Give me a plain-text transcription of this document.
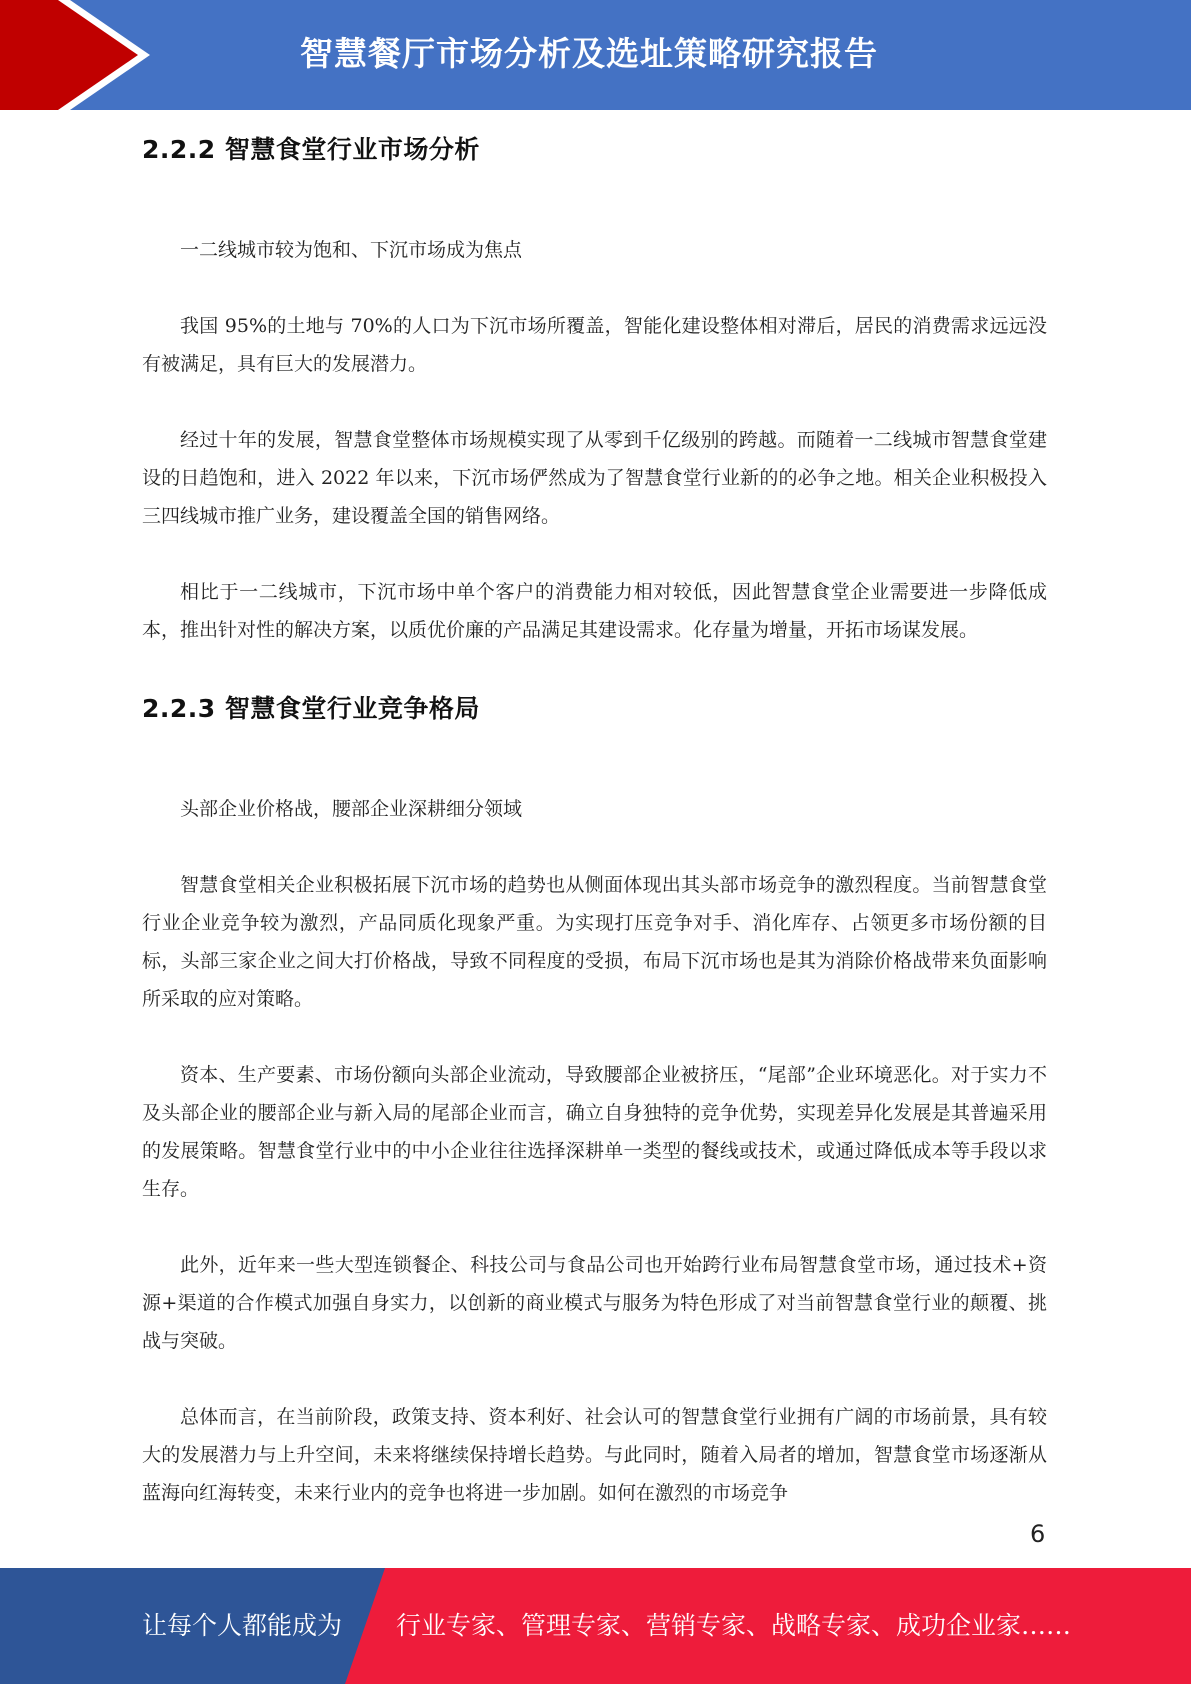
智慧餐厅市场分析及选址策略研究报告
2.2.2 智慧食堂行业市场分析

一二线城市较为饱和、下沉市场成为焦点

我国 95%的土地与 70%的人口为下沉市场所覆盖，智能化建设整体相对滞后，居民的消费需求远远没有被满足，具有巨大的发展潜力。

经过十年的发展，智慧食堂整体市场规模实现了从零到千亿级别的跨越。而随着一二线城市智慧食堂建设的日趋饱和，进入 2022 年以来，下沉市场俨然成为了智慧食堂行业新的的必争之地。相关企业积极投入三四线城市推广业务，建设覆盖全国的销售网络。

相比于一二线城市，下沉市场中单个客户的消费能力相对较低，因此智慧食堂企业需要进一步降低成本，推出针对性的解决方案，以质优价廉的产品满足其建设需求。化存量为增量，开拓市场谋发展。

2.2.3 智慧食堂行业竞争格局

头部企业价格战，腰部企业深耕细分领域

智慧食堂相关企业积极拓展下沉市场的趋势也从侧面体现出其头部市场竞争的激烈程度。当前智慧食堂行业企业竞争较为激烈，产品同质化现象严重。为实现打压竞争对手、消化库存、占领更多市场份额的目标，头部三家企业之间大打价格战，导致不同程度的受损，布局下沉市场也是其为消除价格战带来负面影响所采取的应对策略。

资本、生产要素、市场份额向头部企业流动，导致腰部企业被挤压，“尾部”企业环境恶化。对于实力不及头部企业的腰部企业与新入局的尾部企业而言，确立自身独特的竞争优势，实现差异化发展是其普遍采用的发展策略。智慧食堂行业中的中小企业往往选择深耕单一类型的餐线或技术，或通过降低成本等手段以求生存。

此外，近年来一些大型连锁餐企、科技公司与食品公司也开始跨行业布局智慧食堂市场，通过技术+资源+渠道的合作模式加强自身实力，以创新的商业模式与服务为特色形成了对当前智慧食堂行业的颠覆、挑战与突破。

总体而言，在当前阶段，政策支持、资本利好、社会认可的智慧食堂行业拥有广阔的市场前景，具有较大的发展潜力与上升空间，未来将继续保持增长趋势。与此同时，随着入局者的增加，智慧食堂市场逐渐从蓝海向红海转变，未来行业内的竞争也将进一步加剧。如何在激烈的市场竞争

6
让每个人都能成为 行业专家、管理专家、营销专家、战略专家、成功企业家……
